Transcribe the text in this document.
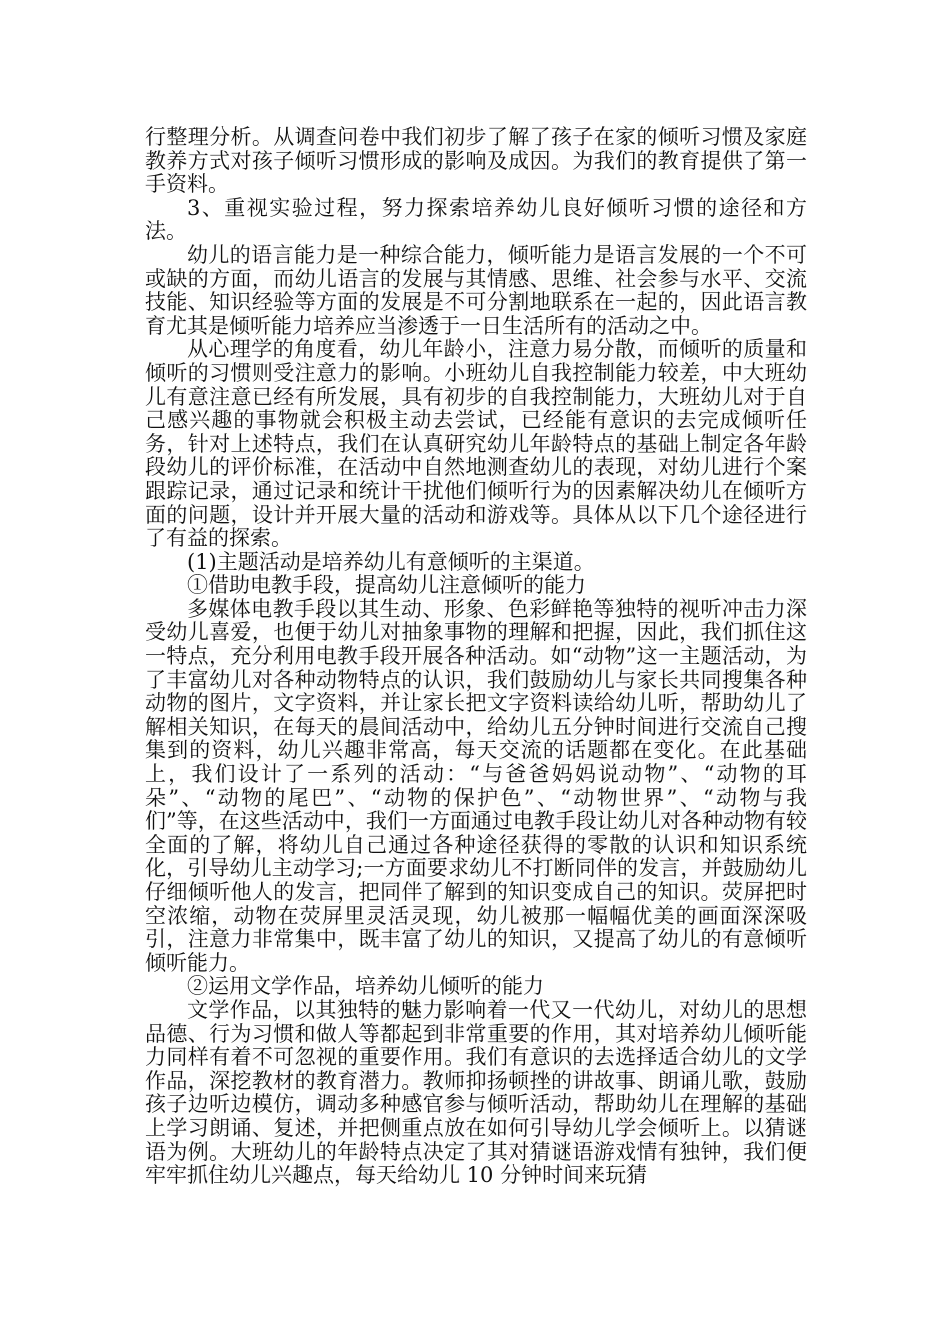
行整理分析。从调查问卷中我们初步了解了孩子在家的倾听习惯及家庭教养方式对孩子倾听习惯形成的影响及成因。为我们的教育提供了第一手资料。

3、重视实验过程，努力探索培养幼儿良好倾听习惯的途径和方法。

幼儿的语言能力是一种综合能力，倾听能力是语言发展的一个不可或缺的方面，而幼儿语言的发展与其情感、思维、社会参与水平、交流技能、知识经验等方面的发展是不可分割地联系在一起的，因此语言教育尤其是倾听能力培养应当渗透于一日生活所有的活动之中。

从心理学的角度看，幼儿年龄小，注意力易分散，而倾听的质量和倾听的习惯则受注意力的影响。小班幼儿自我控制能力较差，中大班幼儿有意注意已经有所发展，具有初步的自我控制能力，大班幼儿对于自己感兴趣的事物就会积极主动去尝试，已经能有意识的去完成倾听任务，针对上述特点，我们在认真研究幼儿年龄特点的基础上制定各年龄段幼儿的评价标准，在活动中自然地测查幼儿的表现，对幼儿进行个案跟踪记录，通过记录和统计干扰他们倾听行为的因素解决幼儿在倾听方面的问题，设计并开展大量的活动和游戏等。具体从以下几个途径进行了有益的探索。

(1)主题活动是培养幼儿有意倾听的主渠道。

①借助电教手段，提高幼儿注意倾听的能力

多媒体电教手段以其生动、形象、色彩鲜艳等独特的视听冲击力深受幼儿喜爱，也便于幼儿对抽象事物的理解和把握，因此，我们抓住这一特点，充分利用电教手段开展各种活动。如“动物”这一主题活动，为了丰富幼儿对各种动物特点的认识，我们鼓励幼儿与家长共同搜集各种动物的图片，文字资料，并让家长把文字资料读给幼儿听，帮助幼儿了解相关知识，在每天的晨间活动中，给幼儿五分钟时间进行交流自己搜集到的资料，幼儿兴趣非常高，每天交流的话题都在变化。在此基础上，我们设计了一系列的活动：“与爸爸妈妈说动物”、“动物的耳朵”、“动物的尾巴”、“动物的保护色”、“动物世界”、“动物与我们”等，在这些活动中，我们一方面通过电教手段让幼儿对各种动物有较全面的了解，将幼儿自己通过各种途径获得的零散的认识和知识系统化，引导幼儿主动学习;一方面要求幼儿不打断同伴的发言，并鼓励幼儿仔细倾听他人的发言，把同伴了解到的知识变成自己的知识。荧屏把时空浓缩，动物在荧屏里灵活灵现，幼儿被那一幅幅优美的画面深深吸引，注意力非常集中，既丰富了幼儿的知识，又提高了幼儿的有意倾听倾听能力。

②运用文学作品，培养幼儿倾听的能力

文学作品，以其独特的魅力影响着一代又一代幼儿，对幼儿的思想品德、行为习惯和做人等都起到非常重要的作用，其对培养幼儿倾听能力同样有着不可忽视的重要作用。我们有意识的去选择适合幼儿的文学作品，深挖教材的教育潜力。教师抑扬顿挫的讲故事、朗诵儿歌，鼓励孩子边听边模仿，调动多种感官参与倾听活动，帮助幼儿在理解的基础上学习朗诵、复述，并把侧重点放在如何引导幼儿学会倾听上。以猜谜语为例。大班幼儿的年龄特点决定了其对猜谜语游戏情有独钟，我们便牢牢抓住幼儿兴趣点，每天给幼儿 10 分钟时间来玩猜
